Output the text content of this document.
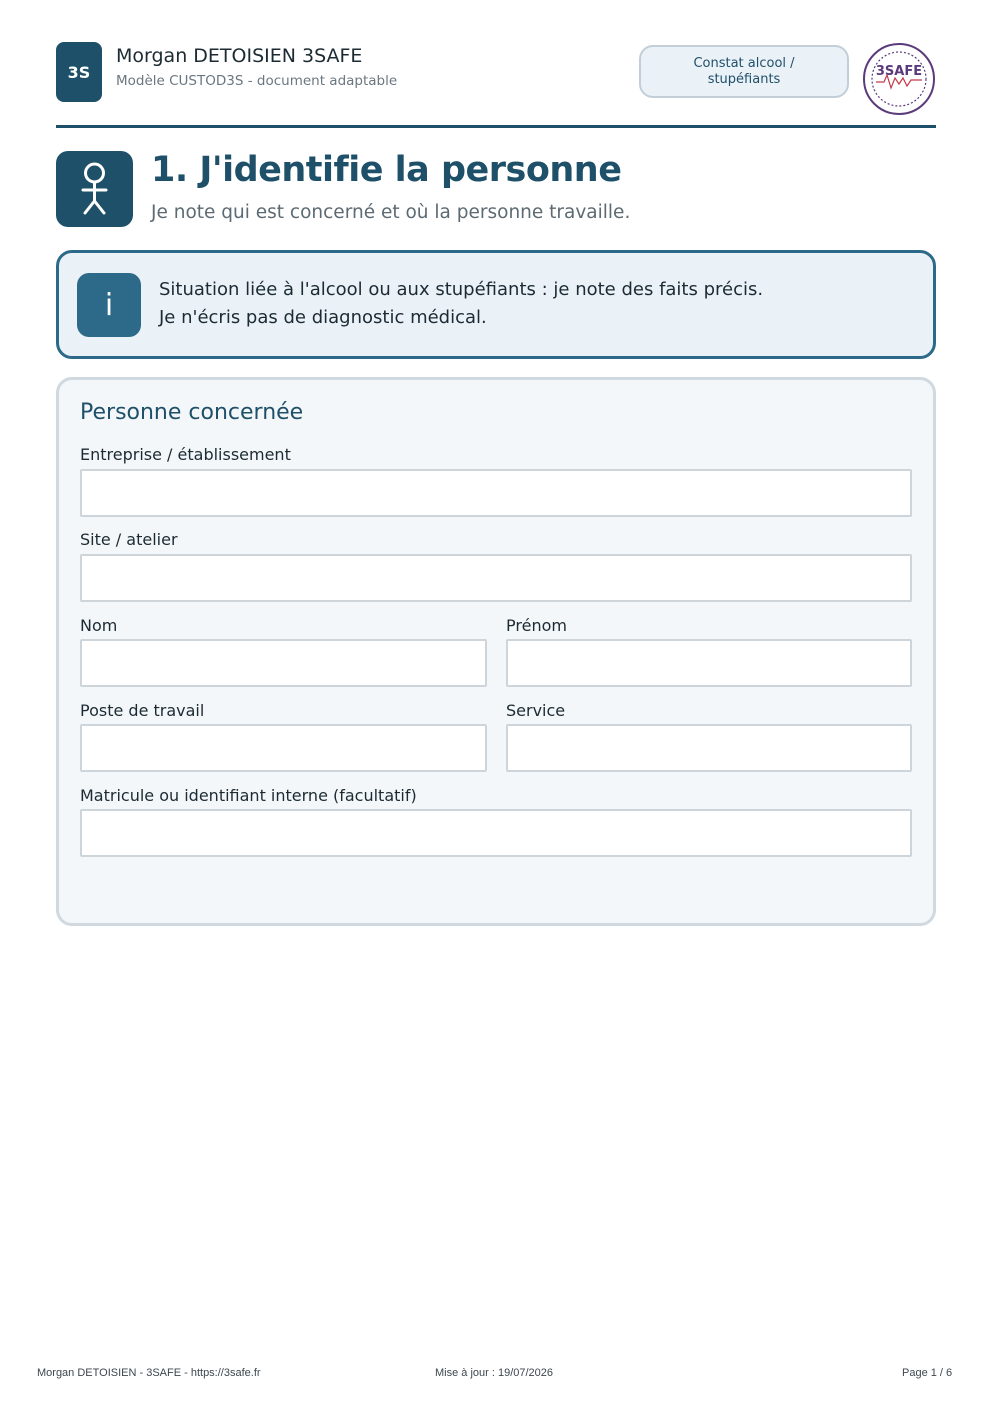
3S
Morgan DETOISIEN 3SAFE
Modèle CUSTOD3S - document adaptable
Constat alcool /
stupéfiants	3SAFE
1. J'identifie la personne
Je note qui est concerné et où la personne travaille.
i	Situation liée à l'alcool ou aux stupéfiants : je note des faits précis.
Je n'écris pas de diagnostic médical.
Personne concernée
Entreprise / établissement
Site / atelier
Nom	Prénom
Poste de travail	Service
Matricule ou identifiant interne (facultatif)
Morgan DETOISIEN - 3SAFE - https://3safe.fr	Mise à jour : 19/07/2026	Page 1 / 6
